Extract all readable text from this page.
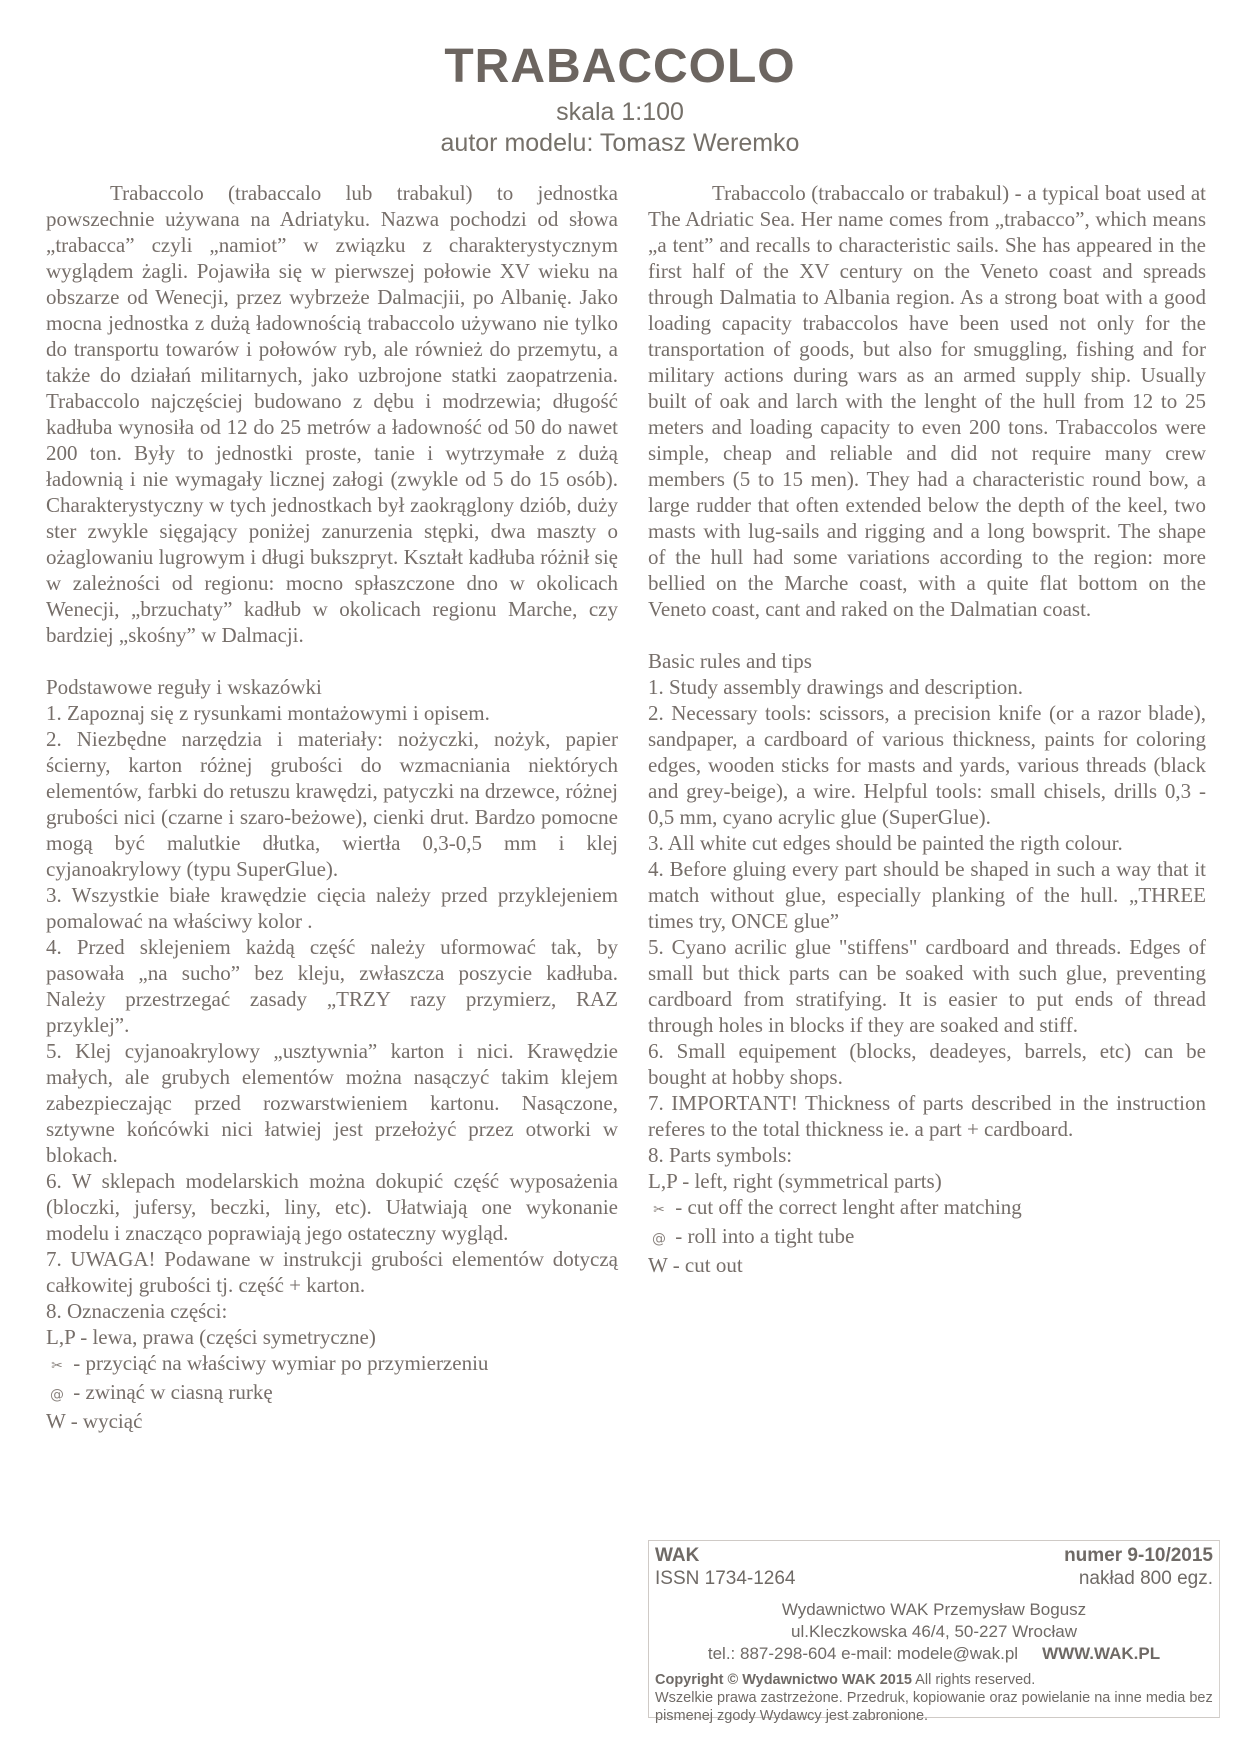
TRABACCOLO
skala 1:100
autor modelu: Tomasz Weremko

Trabaccolo (trabaccalo lub trabakul) to jednostka powszechnie używana na Adriatyku. Nazwa pochodzi od słowa „trabacca” czyli „namiot” w związku z charakterystycznym wyglądem żagli. Pojawiła się w pierwszej połowie XV wieku na obszarze od Wenecji, przez wybrzeże Dalmacjii, po Albanię. Jako mocna jednostka z dużą ładownością trabaccolo używano nie tylko do transportu towarów i połowów ryb, ale również do przemytu, a także do działań militarnych, jako uzbrojone statki zaopatrzenia. Trabaccolo najczęściej budowano z dębu i modrzewia; długość kadłuba wynosiła od 12 do 25 metrów a ładowność od 50 do nawet 200 ton. Były to jednostki proste, tanie i wytrzymałe z dużą ładownią i nie wymagały licznej załogi (zwykle od 5 do 15 osób). Charakterystyczny w tych jednostkach był zaokrąglony dziób, duży ster zwykle sięgający poniżej zanurzenia stępki, dwa maszty o ożaglowaniu lugrowym i długi bukszpryt. Kształt kadłuba różnił się w zależności od regionu: mocno spłaszczone dno w okolicach Wenecji, „brzuchaty” kadłub w okolicach regionu Marche, czy bardziej „skośny” w Dalmacji.

Podstawowe reguły i wskazówki

1. Zapoznaj się z rysunkami montażowymi i opisem.

2. Niezbędne narzędzia i materiały: nożyczki, nożyk, papier ścierny, karton różnej grubości do wzmacniania niektórych elementów, farbki do retuszu krawędzi, patyczki na drzewce, różnej grubości nici (czarne i szaro-beżowe), cienki drut. Bardzo pomocne mogą być malutkie dłutka, wiertła 0,3-0,5 mm i klej cyjanoakrylowy (typu SuperGlue).

3. Wszystkie białe krawędzie cięcia należy przed przyklejeniem pomalować na właściwy kolor .

4. Przed sklejeniem każdą część należy uformować tak, by pasowała „na sucho” bez kleju, zwłaszcza poszycie kadłuba. Należy przestrzegać zasady „TRZY razy przymierz, RAZ przyklej”.

5. Klej cyjanoakrylowy „usztywnia” karton i nici. Krawędzie małych, ale grubych elementów można nasączyć takim klejem zabezpieczając przed rozwarstwieniem kartonu. Nasączone, sztywne końcówki nici łatwiej jest przełożyć przez otworki w blokach.

6. W sklepach modelarskich można dokupić część wyposażenia (bloczki, jufersy, beczki, liny, etc). Ułatwiają one wykonanie modelu i znacząco poprawiają jego ostateczny wygląd.

7. UWAGA! Podawane w instrukcji grubości elementów dotyczą całkowitej grubości tj. część + karton.

8. Oznaczenia części:

L,P - lewa, prawa (części symetryczne)

✂ - przyciąć na właściwy wymiar po przymierzeniu

@ - zwinąć w ciasną rurkę

W - wyciąć

Trabaccolo (trabaccalo or trabakul) - a typical boat used at The Adriatic Sea. Her name comes from „trabacco”, which means „a tent” and recalls to characteristic sails. She has appeared in the first half of the XV century on the Veneto coast and spreads through Dalmatia to Albania region. As a strong boat with a good loading capacity trabaccolos have been used not only for the transportation of goods, but also for smuggling, fishing and for military actions during wars as an armed supply ship. Usually built of oak and larch with the lenght of the hull from 12 to 25 meters and loading capacity to even 200 tons. Trabaccolos were simple, cheap and reliable and did not require many crew members (5 to 15 men). They had a characteristic round bow, a large rudder that often extended below the depth of the keel, two masts with lug-sails and rigging and a long bowsprit. The shape of the hull had some variations according to the region: more bellied on the Marche coast, with a quite flat bottom on the Veneto coast, cant and raked on the Dalmatian coast.

Basic rules and tips

1. Study assembly drawings and description.

2. Necessary tools: scissors, a precision knife (or a razor blade), sandpaper, a cardboard of various thickness, paints for coloring edges, wooden sticks for masts and yards, various threads (black and grey-beige), a wire. Helpful tools: small chisels, drills 0,3 - 0,5 mm, cyano acrylic glue (SuperGlue).

3. All white cut edges should be painted the rigth colour.

4. Before gluing every part should be shaped in such a way that it match without glue, especially planking of the hull. „THREE times try, ONCE glue”

5. Cyano acrilic glue "stiffens" cardboard and threads. Edges of small but thick parts can be soaked with such glue, preventing cardboard from stratifying. It is easier to put ends of thread through holes in blocks if they are soaked and stiff.

6. Small equipement (blocks, deadeyes, barrels, etc) can be bought at hobby shops.

7. IMPORTANT! Thickness of parts described in the instruction referes to the total thickness ie. a part + cardboard.

8. Parts symbols:

L,P - left, right (symmetrical parts)

✂ - cut off the correct lenght after matching

@ - roll into a tight tube

W - cut out

WAK	numer 9-10/2015
ISSN 1734-1264	nakład 800 egz.
Wydawnictwo WAK Przemysław Bogusz
ul.Kleczkowska 46/4, 50-227 Wrocław
tel.: 887-298-604 e-mail: modele@wak.pl WWW.WAK.PL
Copyright © Wydawnictwo WAK 2015 All rights reserved.
Wszelkie prawa zastrzeżone. Przedruk, kopiowanie oraz powielanie na inne media bez pismenej zgody Wydawcy jest zabronione.
